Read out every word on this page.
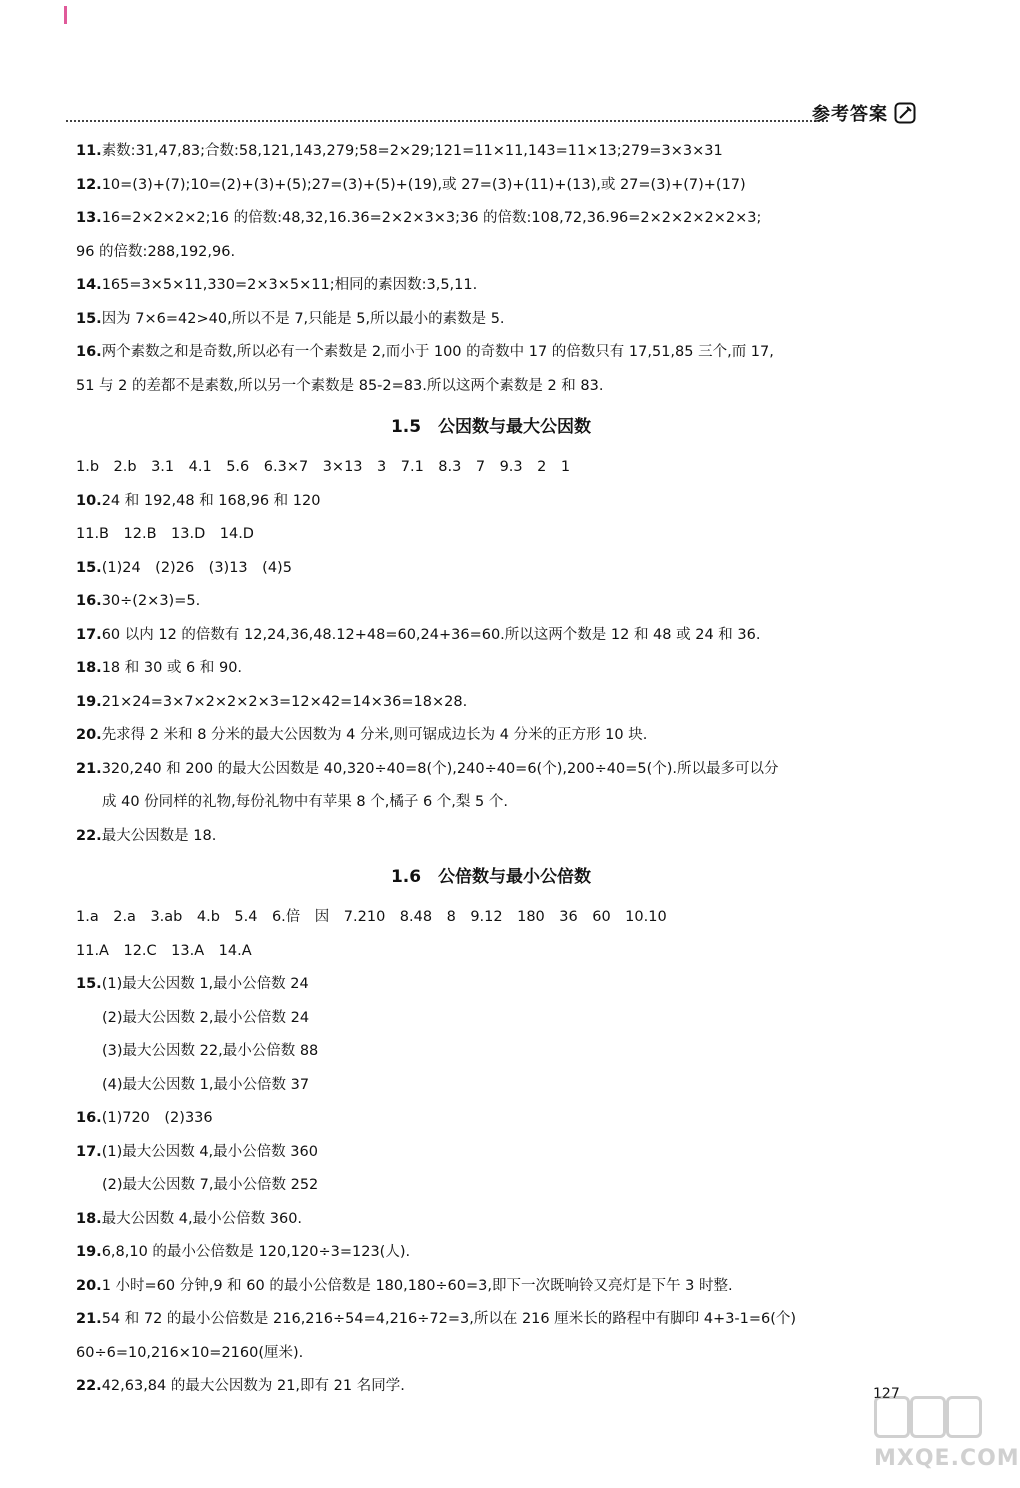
参考答案
11.素数:31,47,83;合数:58,121,143,279;58=2×29;121=11×11,143=11×13;279=3×3×31
12.10=(3)+(7);10=(2)+(3)+(5);27=(3)+(5)+(19),或 27=(3)+(11)+(13),或 27=(3)+(7)+(17)
13.16=2×2×2×2;16 的倍数:48,32,16.36=2×2×3×3;36 的倍数:108,72,36.96=2×2×2×2×2×3;
96 的倍数:288,192,96.
14.165=3×5×11,330=2×3×5×11;相同的素因数:3,5,11.
15.因为 7×6=42>40,所以不是 7,只能是 5,所以最小的素数是 5.
16.两个素数之和是奇数,所以必有一个素数是 2,而小于 100 的奇数中 17 的倍数只有 17,51,85 三个,而 17,
51 与 2 的差都不是素数,所以另一个素数是 85-2=83.所以这两个素数是 2 和 83.
1.5　公因数与最大公因数
1.b　2.b　3.1　4.1　5.6　6.3×7　3×13　3　7.1　8.3　7　9.3　2　1
10.24 和 192,48 和 168,96 和 120
11.B　12.B　13.D　14.D
15.(1)24　(2)26　(3)13　(4)5
16.30÷(2×3)=5.
17.60 以内 12 的倍数有 12,24,36,48.12+48=60,24+36=60.所以这两个数是 12 和 48 或 24 和 36.
18.18 和 30 或 6 和 90.
19.21×24=3×7×2×2×2×3=12×42=14×36=18×28.
20.先求得 2 米和 8 分米的最大公因数为 4 分米,则可锯成边长为 4 分米的正方形 10 块.
21.320,240 和 200 的最大公因数是 40,320÷40=8(个),240÷40=6(个),200÷40=5(个).所以最多可以分
成 40 份同样的礼物,每份礼物中有苹果 8 个,橘子 6 个,梨 5 个.
22.最大公因数是 18.
1.6　公倍数与最小公倍数
1.a　2.a　3.ab　4.b　5.4　6.倍　因　7.210　8.48　8　9.12　180　36　60　10.10
11.A　12.C　13.A　14.A
15.(1)最大公因数 1,最小公倍数 24
(2)最大公因数 2,最小公倍数 24
(3)最大公因数 22,最小公倍数 88
(4)最大公因数 1,最小公倍数 37
16.(1)720　(2)336
17.(1)最大公因数 4,最小公倍数 360
(2)最大公因数 7,最小公倍数 252
18.最大公因数 4,最小公倍数 360.
19.6,8,10 的最小公倍数是 120,120÷3=123(人).
20.1 小时=60 分钟,9 和 60 的最小公倍数是 180,180÷60=3,即下一次既响铃又亮灯是下午 3 时整.
21.54 和 72 的最小公倍数是 216,216÷54=4,216÷72=3,所以在 216 厘米长的路程中有脚印 4+3-1=6(个)
60÷6=10,216×10=2160(厘米).
22.42,63,84 的最大公因数为 21,即有 21 名同学.	127
MXQE.COM
